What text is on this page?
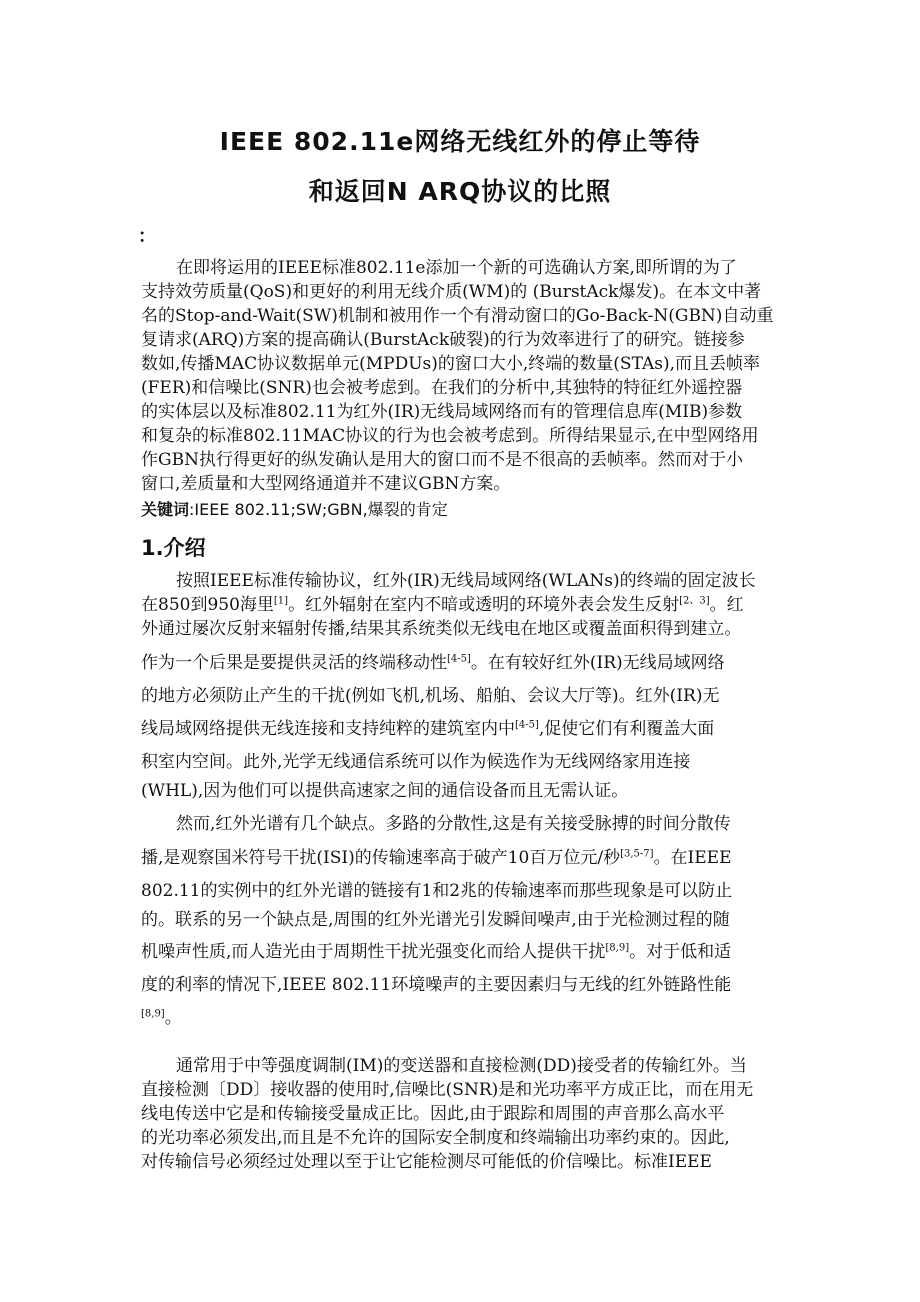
IEEE 802.11e网络无线红外的停止等待
和返回N ARQ协议的比照
：
在即将运用的IEEE标准802.11e添加一个新的可选确认方案,即所谓的为了
支持效劳质量(QoS)和更好的利用无线介质(WM)的 (BurstAck爆发)。在本文中著
名的Stop-and-Wait(SW)机制和被用作一个有滑动窗口的Go-Back-N(GBN)自动重
复请求(ARQ)方案的提高确认(BurstAck破裂)的行为效率进行了的研究。链接参
数如,传播MAC协议数据单元(MPDUs)的窗口大小,终端的数量(STAs),而且丢帧率
(FER)和信噪比(SNR)也会被考虑到。在我们的分析中,其独特的特征红外遥控器
的实体层以及标准802.11为红外(IR)无线局域网络而有的管理信息库(MIB)参数
和复杂的标准802.11MAC协议的行为也会被考虑到。所得结果显示,在中型网络用
作GBN执行得更好的纵发确认是用大的窗口而不是不很高的丢帧率。然而对于小
窗口,差质量和大型网络通道并不建议GBN方案。
关键词:IEEE 802.11;SW;GBN,爆裂的肯定
1.介绍
按照IEEE标准传输协议，红外(IR)无线局域网络(WLANs)的终端的固定波长
在850到950海里[1]。红外辐射在室内不暗或透明的环境外表会发生反射[2、3]。红
外通过屡次反射来辐射传播,结果其系统类似无线电在地区或覆盖面积得到建立。
作为一个后果是要提供灵活的终端移动性[4-5]。在有较好红外(IR)无线局域网络
的地方必须防止产生的干扰(例如飞机,机场、船舶、会议大厅等)。红外(IR)无
线局域网络提供无线连接和支持纯粹的建筑室内中[4-5],促使它们有利覆盖大面
积室内空间。此外,光学无线通信系统可以作为候选作为无线网络家用连接
(WHL),因为他们可以提供高速家之间的通信设备而且无需认证。
然而,红外光谱有几个缺点。多路的分散性,这是有关接受脉搏的时间分散传
播,是观察国米符号干扰(ISI)的传输速率高于破产10百万位元/秒[3,5-7]。在IEEE
802.11的实例中的红外光谱的链接有1和2兆的传输速率而那些现象是可以防止
的。联系的另一个缺点是,周围的红外光谱光引发瞬间噪声,由于光检测过程的随
机噪声性质,而人造光由于周期性干扰光强变化而给人提供干扰[8,9]。对于低和适
度的利率的情况下,IEEE 802.11环境噪声的主要因素归与无线的红外链路性能
[8,9]。
通常用于中等强度调制(IM)的变送器和直接检测(DD)接受者的传输红外。当
直接检测〔DD〕接收器的使用时,信噪比(SNR)是和光功率平方成正比，而在用无
线电传送中它是和传输接受量成正比。因此,由于跟踪和周围的声音那么高水平
的光功率必须发出,而且是不允许的国际安全制度和终端输出功率约束的。因此,
对传输信号必须经过处理以至于让它能检测尽可能低的价信噪比。标准IEEE
